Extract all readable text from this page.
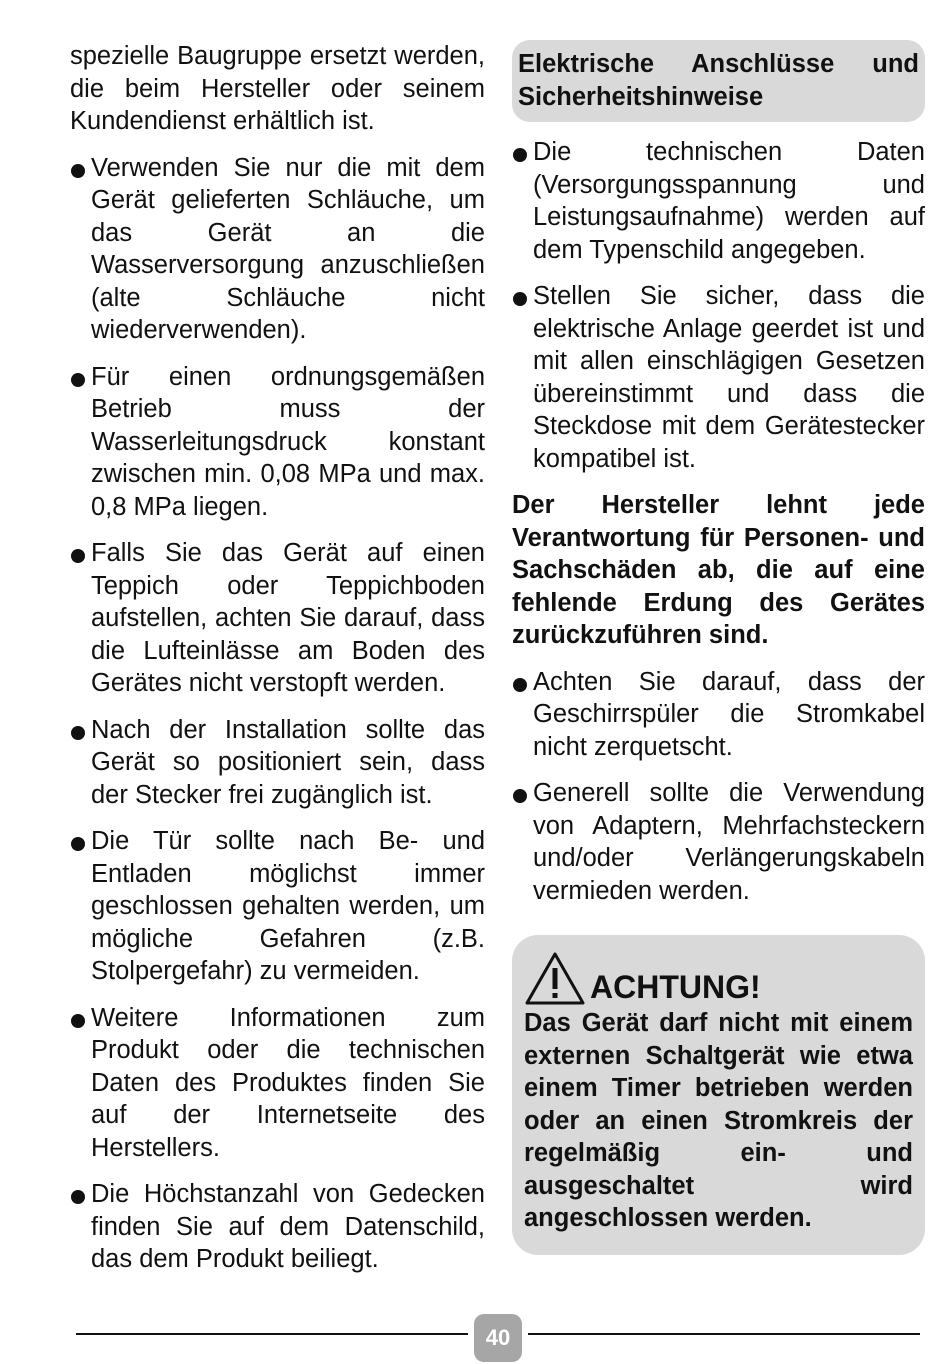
spezielle Baugruppe ersetzt werden, die beim Hersteller oder seinem Kundendienst erhältlich ist.

Verwenden Sie nur die mit dem Gerät gelieferten Schläuche, um das Gerät an die Wasserversorgung anzuschließen (alte Schläuche nicht wiederverwenden).

Für einen ordnungsgemäßen Betrieb muss der Wasserleitungsdruck konstant zwischen min. 0,08 MPa und max. 0,8 MPa liegen.

Falls Sie das Gerät auf einen Teppich oder Teppichboden aufstellen, achten Sie darauf, dass die Lufteinlässe am Boden des Gerätes nicht verstopft werden.

Nach der Installation sollte das Gerät so positioniert sein, dass der Stecker frei zugänglich ist.

Die Tür sollte nach Be- und Entladen möglichst immer geschlossen gehalten werden, um mögliche Gefahren (z.B. Stolpergefahr) zu vermeiden.

Weitere Informationen zum Produkt oder die technischen Daten des Produktes finden Sie auf der Internetseite des Herstellers.

Die Höchstanzahl von Gedecken finden Sie auf dem Datenschild, das dem Produkt beiliegt.

Elektrische Anschlüsse und Sicherheitshinweise

Die technischen Daten (Versorgungsspannung und Leistungsaufnahme) werden auf dem Typenschild angegeben.

Stellen Sie sicher, dass die elektrische Anlage geerdet ist und mit allen einschlägigen Gesetzen übereinstimmt und dass die Steckdose mit dem Gerätestecker kompatibel ist.

Der Hersteller lehnt jede Verantwortung für Personen- und Sachschäden ab, die auf eine fehlende Erdung des Gerätes zurückzuführen sind.

Achten Sie darauf, dass der Geschirrspüler die Stromkabel nicht zerquetscht.

Generell sollte die Verwendung von Adaptern, Mehrfachsteckern und/oder Verlängerungskabeln vermieden werden.

ACHTUNG!
Das Gerät darf nicht mit einem externen Schaltgerät wie etwa einem Timer betrieben werden oder an einen Stromkreis der regelmäßig ein- und ausgeschaltet wird angeschlossen werden.
40
